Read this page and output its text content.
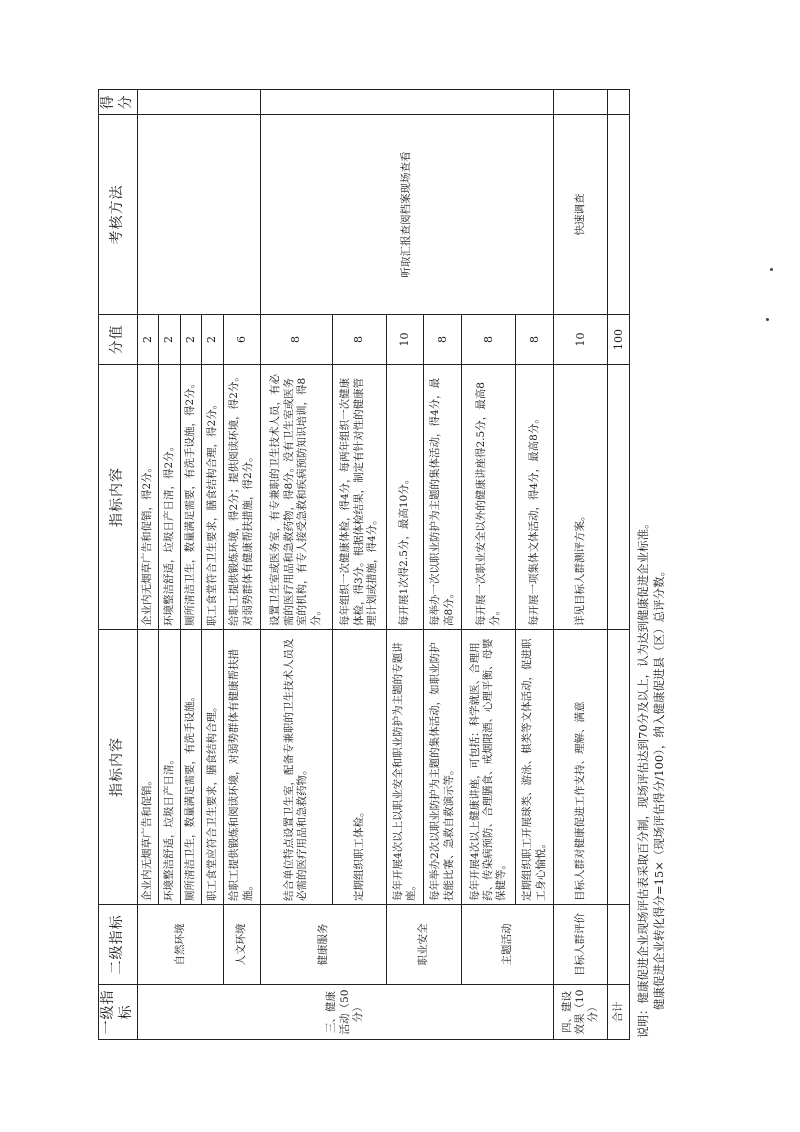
一级指标	二级指标	指标内容	指标内容	分值	考核方法	得分
三、健康活动（50分）	自然环境	企业内无烟草广告和促销。	企业内无烟草广告和促销，得2分。	2		
		环境整洁舒适，垃圾日产日清。	环境整洁舒适，垃圾日产日清，得2分。	2		
		厕所清洁卫生，数量满足需要，有洗手设施。	厕所清洁卫生，数量满足需要，有洗手设施，得2分。	2		
		职工食堂应符合卫生要求，膳食结构合理。	职工食堂符合卫生要求，膳食结构合理，得2分。	2		
	人文环境	给职工提供锻炼和阅读环境，对弱势群体有健康帮扶措施。	给职工提供锻炼环境，得2分；提供阅读环境，得2分。对弱势群体有健康帮扶措施，得2分。	6		
	健康服务	结合单位特点设置卫生室，配备专兼职的卫生技术人员及必需的医疗用品和急救药物。	设置卫生室或医务室，有专兼职的卫生技术人员，有必需的医疗用品和急救药物，得8分。没有卫生室或医务室的机构，有专人接受急救和疾病预防知识培训，得8分。	8	听取汇报查阅档案现场查看	
		定期组织职工体检。	每年组织一次健康体检，得4分，每两年组织一次健康体检，得3分。根据体检结果，制定有针对性的健康管理计划或措施，得4分。	8		
	职业安全	每年开展4次以上以职业安全和职业防护为主题的专题讲座。	每开展1次得2.5分，最高10分。	10		
		每年举办2次以职业防护为主题的集体活动，如职业防护技能比赛、急救自救演示等。	每举办一次以职业防护为主题的集体活动，得4分，最高8分。	8		
	主题活动	每年开展4次以上健康讲座，可包括：科学就医、合理用药、传染病预防、合理膳食、戒烟限酒、心理平衡、母婴保健等。	每开展一次职业安全以外的健康讲座得2.5分，最高8分。	8		
		定期组织职工开展球类、游泳、棋类等文体活动，促进职工身心愉悦。	每开展一项集体文体活动，得4分，最高8分。	8		
四、建设效果（10分）	目标人群评价	目标人群对健康促进工作支持、理解、满意	详见目标人群测评方案。	10	快速调查	
合计				100		
说明：健康促进企业现场评估表采取百分制，现场评估达到70分及以上，认为达到健康促进企业标准。 健康促进企业转化得分=15×（现场评估得分/100），纳入健康促进县（区）总评分数。
